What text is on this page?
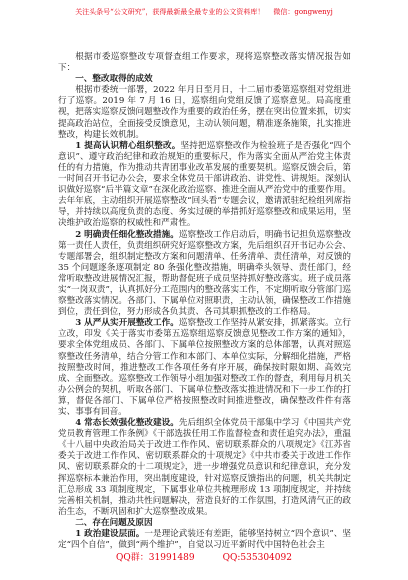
关注头条号“公文研究”，获得最新最全最专业的公文资料库！ 微信：gongwenyj

根据市委巡察整改专项督查组工作要求，现将巡察整改落实情况报告如下：

一、整改取得的成效

根据市委统一部署，2022 年月日至月日，十二届市委第巡察组对党组进行了巡察。2019 年 7 月 16 日，巡察组向党组反馈了巡察意见。局高度重视，把落实巡察反馈问题整改作为重要的政治任务，摆在突出位置来抓，切实提高政治站位，全面接受反馈意见，主动认领问题，精准逐条施策，扎实推进整改，构建长效机制。

1 提高认识精心组织整改。坚持把巡察整改作为检验班子是否强化“四个意识”、遵守政治纪律和政治规矩的重要标尺，作为落实全面从严治党主体责任的有力措施，作为推动共青团事业改革发展的重要契机。巡察反馈会后，第一时间召开书记办公会，要求全体党员干部讲政治、讲党性、讲规矩。深刻认识做好巡察“后半篇文章”在深化政治巡察、推进全面从严治党中的重要作用。去年年底，主动组织开展巡察整改“回头看”专题会议，邀请派驻纪检组列席指导，并持续以高度负责的态度、务实过硬的举措抓好巡察整改和成果运用，坚决维护政治巡察的权威性和严肃性。

2 明确责任细化整改措施。巡察整改工作启动后，明确书记担负巡察整改第一责任人责任，负责组织研究好巡察整改方案，先后组织召开书记办公会、专题部署会，组织制定整改方案和问题清单、任务清单、责任清单，对反馈的 35 个问题逐条逐项制定 80 条强化整改措施，明确牵头领导、责任部门，经常听取整改进展情况汇报，帮助督促班子成员坚持抓好整改落实。班子成员落实“一岗双责”，认真抓好分工范围内的整改落实工作，不定期听取分管部门巡察整改落实情况。各部门、下属单位对照职责，主动认领，确保整改工作措施到位，责任到位，努力形成各负其责、各司其职抓整改的工作格局。

3 从严从实开展整改工作。巡察整改工作坚持从紧安排，抓紧落实。立行立改，印发《关于落实市委第五巡察组巡察反馈意见整改工作方案的通知》，要求全体党组成员、各部门、下属单位按照整改方案的总体部署，认真对照巡察整改任务清单，结合分管工作和本部门、本单位实际，分解细化措施，严格按照整改时间，推进整改工作各项任务有序开展，确保按时限如期、高效完成、全面整改。巡察整改工作领导小组加强对整改工作的督查，利用每月机关办公例会的契机，听取各部门、下属单位整改落实推进情况和下一步工作的打算，督促各部门、下属单位严格按照整改时间推进整改，确保整改件件有落实、事事有回音。

4 常态长效强化整改建设。先后组织全体党员干部集中学习《中国共产党党员教育管理工作条例》《干部选拔任用工作监督检查和责任追究办法》，重温《十八届中央政治局关于改进工作作风、密切联系群众的八项规定》《江苏省委关于改进工作作风、密切联系群众的十项规定》《中共市委关于改进工作作风、密切联系群众的十二项规定》，进一步增强党员意识和纪律意识，充分发挥巡察标本兼治作用，突出制度建设，针对巡察反馈指出的问题，机关共制定汇总形成 33 项制度规定，下属事业单位共梳理形成 13 项制度规定，并持续完善相关机制，推动共性问题解决，营造良好的工作氛围，打造风清气正的政治生态，不断巩固和扩大巡察整改成果。

二、存在问题及原因

1 政治建设层面。一是理论武装还有差距，能够坚持树立“四个意识”、坚定“四个自信”，做到“两个维护”，自觉以习近平新时代中国特色社会主

QQ群：31991489	QQ:535304092
